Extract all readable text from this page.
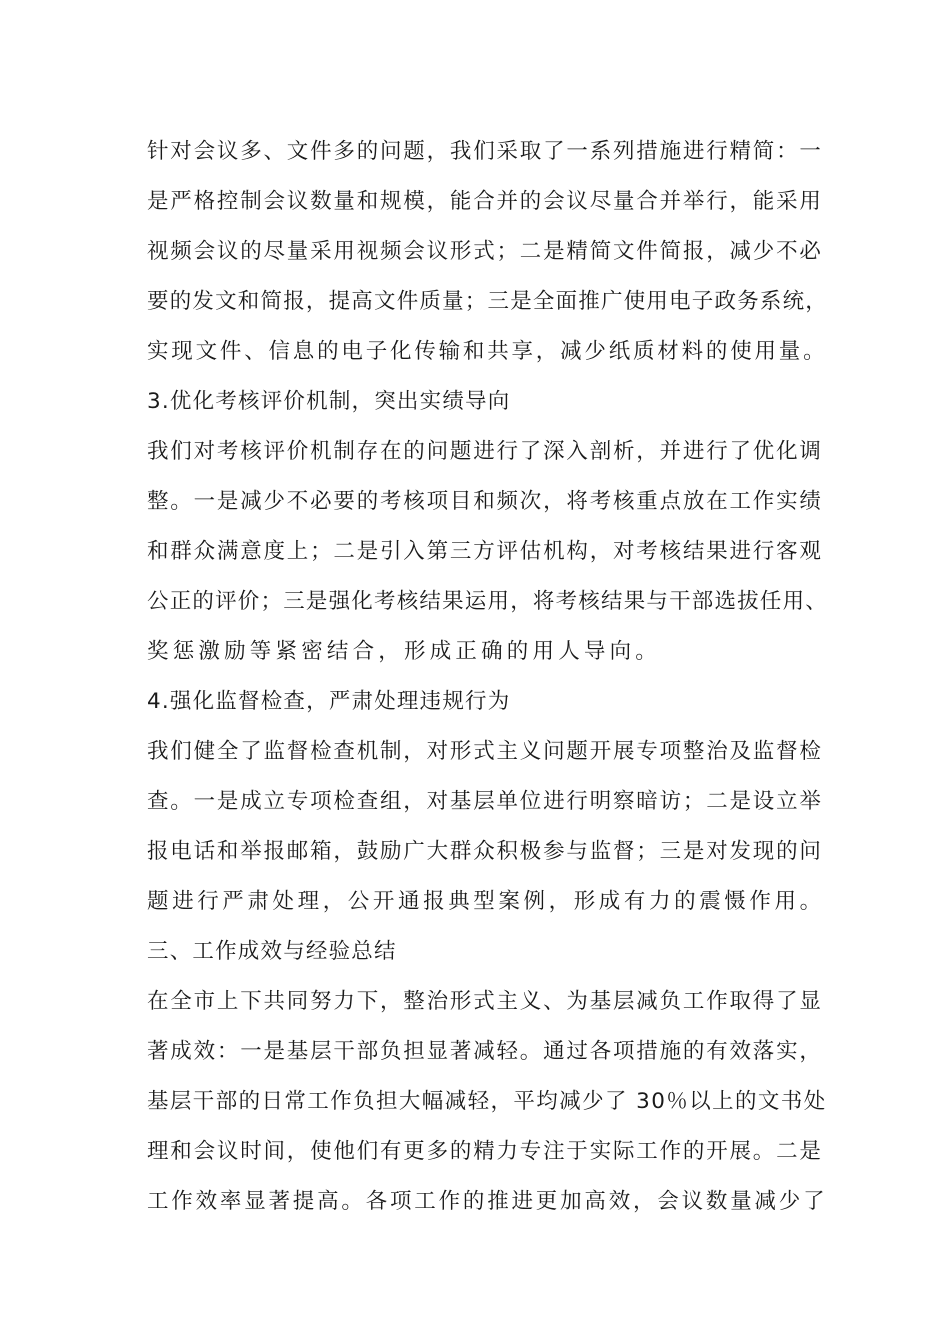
针对会议多、文件多的问题，我们采取了一系列措施进行精简：一
是严格控制会议数量和规模，能合并的会议尽量合并举行，能采用
视频会议的尽量采用视频会议形式；二是精简文件简报，减少不必
要的发文和简报，提高文件质量；三是全面推广使用电子政务系统，
实现文件、信息的电子化传输和共享，减少纸质材料的使用量。
3.优化考核评价机制，突出实绩导向
我们对考核评价机制存在的问题进行了深入剖析，并进行了优化调
整。一是减少不必要的考核项目和频次，将考核重点放在工作实绩
和群众满意度上；二是引入第三方评估机构，对考核结果进行客观
公正的评价；三是强化考核结果运用，将考核结果与干部选拔任用、
奖惩激励等紧密结合，形成正确的用人导向。
4.强化监督检查，严肃处理违规行为
我们健全了监督检查机制，对形式主义问题开展专项整治及监督检
查。一是成立专项检查组，对基层单位进行明察暗访；二是设立举
报电话和举报邮箱，鼓励广大群众积极参与监督；三是对发现的问
题进行严肃处理，公开通报典型案例，形成有力的震慑作用。
三、工作成效与经验总结
在全市上下共同努力下，整治形式主义、为基层减负工作取得了显
著成效：一是基层干部负担显著减轻。通过各项措施的有效落实，
基层干部的日常工作负担大幅减轻，平均减少了 30％以上的文书处
理和会议时间，使他们有更多的精力专注于实际工作的开展。二是
工作效率显著提高。各项工作的推进更加高效，会议数量减少了
